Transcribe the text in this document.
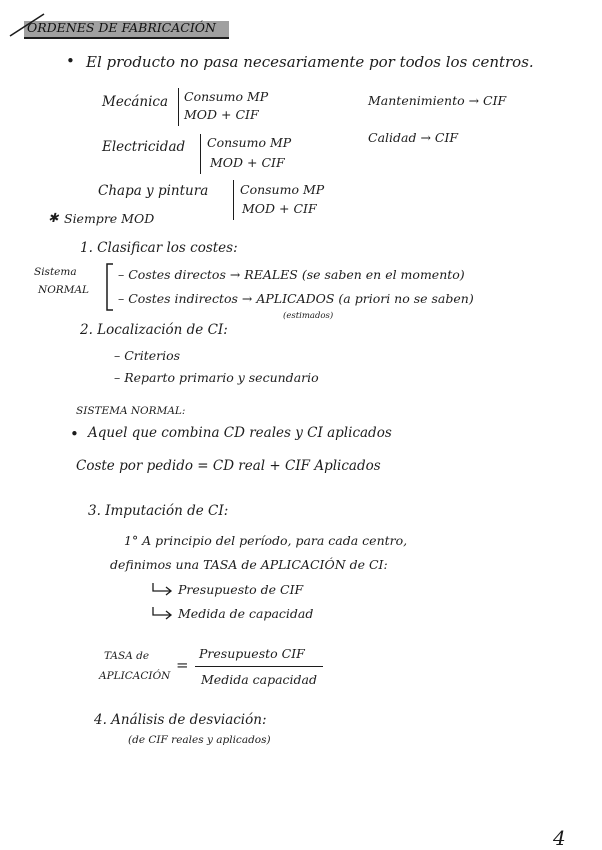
ORDENES DE FABRICACIÓN
• El producto no pasa necesariamente por todos los centros.
Mecánica Consumo MP
MOD + CIF
Electricidad Consumo MP
MOD + CIF
Chapa y pintura	Consumo MP
MOD + CIF
Mantenimiento → CIF
Calidad → CIF
✱ Siempre MOD
1. Clasificar los costes:
Sistema
NORMAL
– Costes directos → REALES (se saben en el momento)
– Costes indirectos → APLICADOS (a priori no se saben)
(estimados)
2. Localización de CI:
– Criterios
– Reparto primario y secundario
SISTEMA NORMAL:
• Aquel que combina CD reales y CI aplicados
Coste por pedido = CD real + CIF Aplicados
3. Imputación de CI:
1° A principio del período, para cada centro,
definimos una TASA de APLICACIÓN de CI:
Presupuesto de CIF
Medida de capacidad
TASA de
APLICACIÓN
=
Presupuesto CIF
Medida capacidad
4. Análisis de desviación:
(de CIF reales y aplicados)
4
